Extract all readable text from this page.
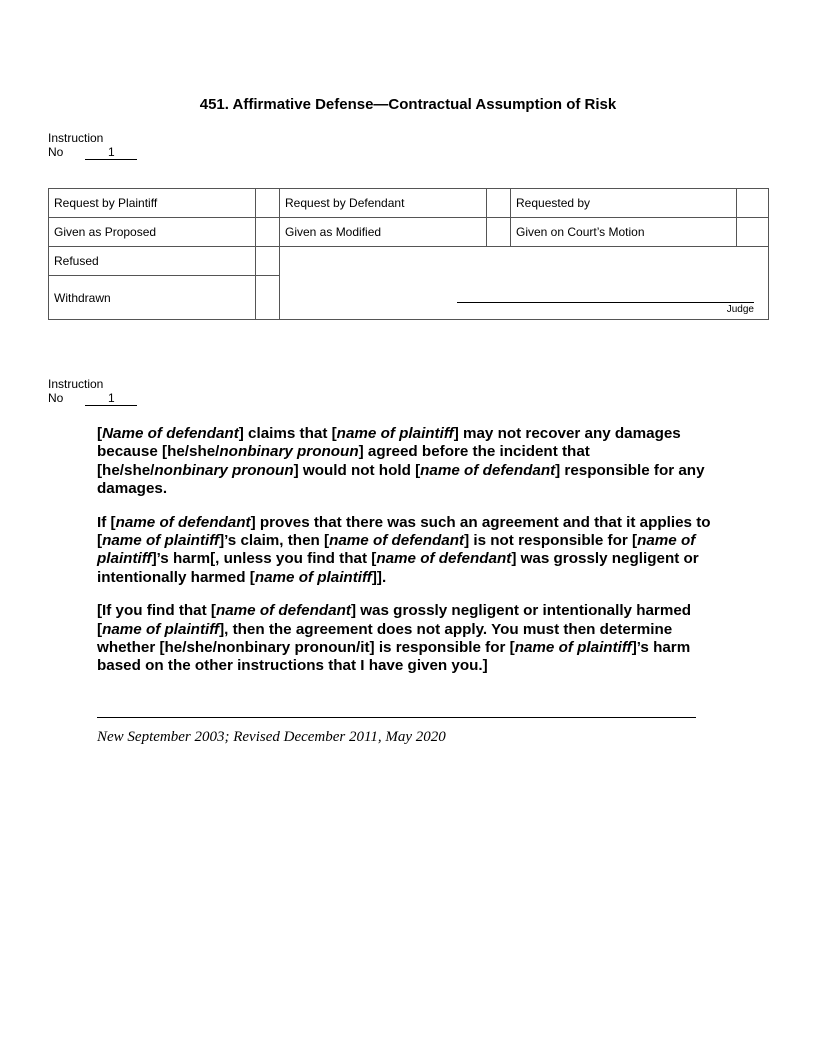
451. Affirmative Defense—Contractual Assumption of Risk
Instruction
No	1
Request by Plaintiff		Request by Defendant		Requested by	
Given as Proposed		Given as Modified		Given on Court’s Motion	
Refused		Judge			

Withdrawn					
Instruction
No	1

[Name of defendant] claims that [name of plaintiff] may not recover any damages because [he/she/nonbinary pronoun] agreed before the incident that [he/she/nonbinary pronoun] would not hold [name of defendant] responsible for any damages.

If [name of defendant] proves that there was such an agreement and that it applies to [name of plaintiff]’s claim, then [name of defendant] is not responsible for [name of plaintiff]’s harm[, unless you find that [name of defendant] was grossly negligent or intentionally harmed [name of plaintiff]].

[If you find that [name of defendant] was grossly negligent or intentionally harmed [name of plaintiff], then the agreement does not apply. You must then determine whether [he/she/nonbinary pronoun/it] is responsible for [name of plaintiff]’s harm based on the other instructions that I have given you.]

New September 2003; Revised December 2011, May 2020
